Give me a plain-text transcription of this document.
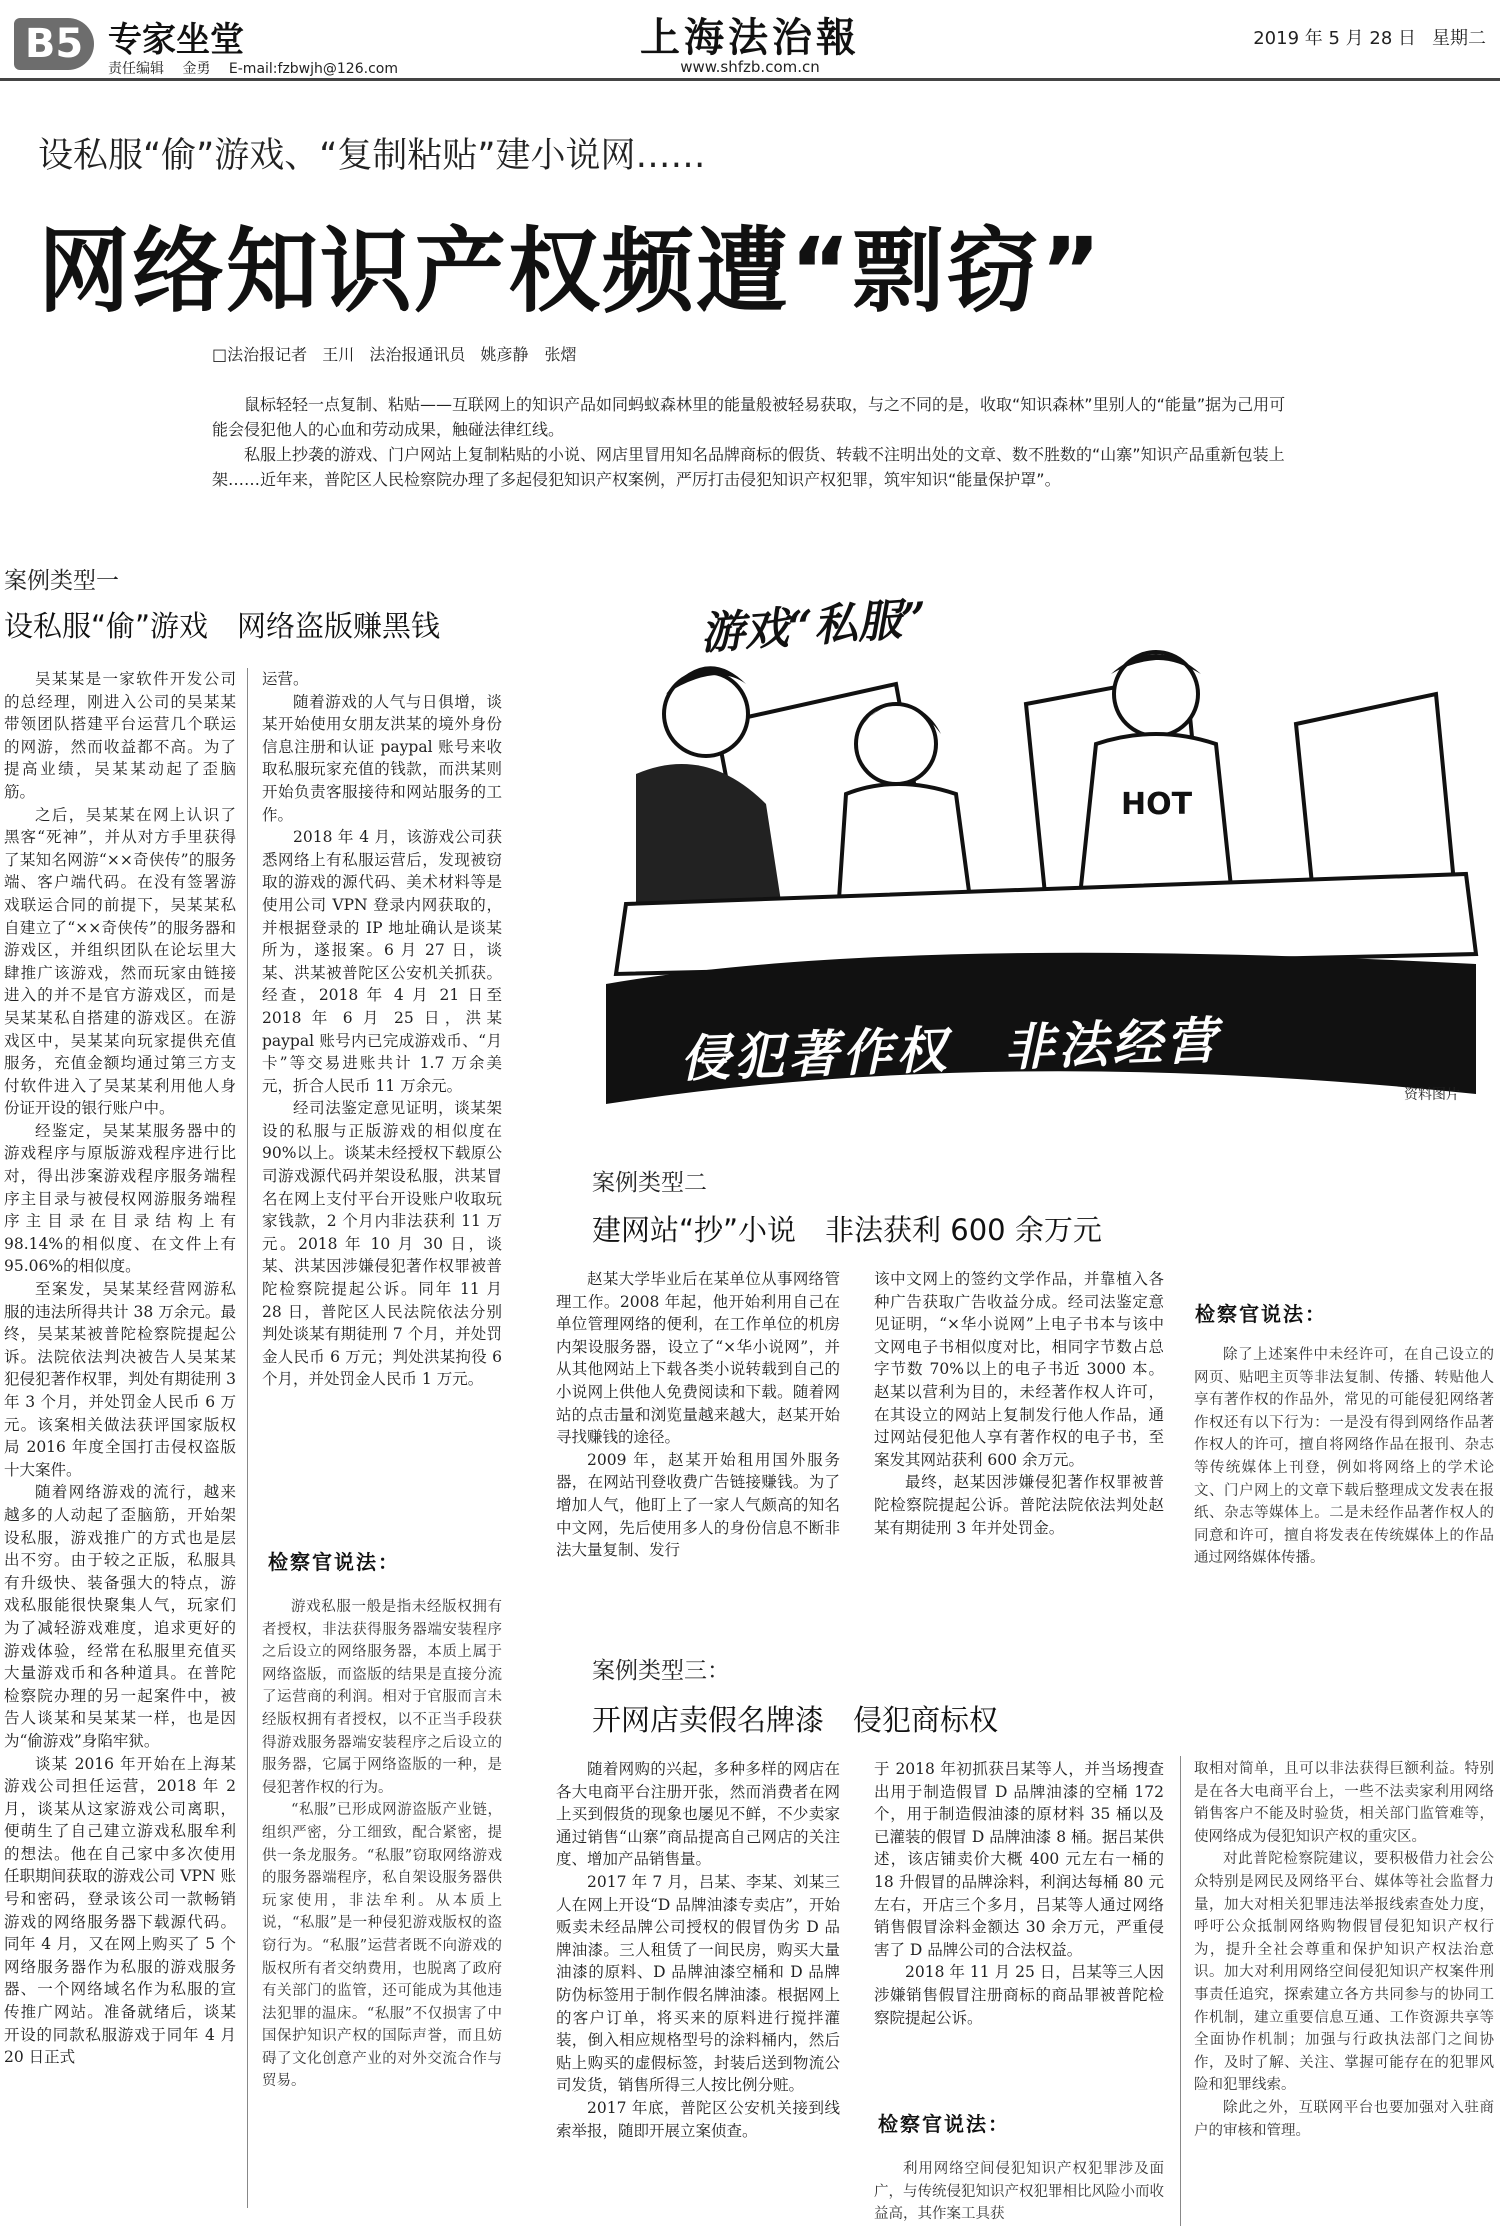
B5 专家坐堂
责任编辑 金勇 E-mail:fzbwjh@126.com
上海法治報
www.shfzb.com.cn
2019 年 5 月 28 日 星期二
设私服“偷”游戏、“复制粘贴”建小说网……
网络知识产权频遭“剽窃”
□法治报记者 王川 法治报通讯员 姚彦静　张熠

鼠标轻轻一点复制、粘贴——互联网上的知识产品如同蚂蚁森林里的能量般被轻易获取，与之不同的是，收取“知识森林”里别人的“能量”据为己用可能会侵犯他人的心血和劳动成果，触碰法律红线。

私服上抄袭的游戏、门户网站上复制粘贴的小说、网店里冒用知名品牌商标的假货、转载不注明出处的文章、数不胜数的“山寨”知识产品重新包装上架……近年来，普陀区人民检察院办理了多起侵犯知识产权案例，严厉打击侵犯知识产权犯罪，筑牢知识“能量保护罩”。

案例类型一
设私服“偷”游戏　网络盗版赚黑钱

吴某某是一家软件开发公司的总经理，刚进入公司的吴某某带领团队搭建平台运营几个联运的网游，然而收益都不高。为了提高业绩，吴某某动起了歪脑筋。

之后，吴某某在网上认识了黑客“死神”，并从对方手里获得了某知名网游“××奇侠传”的服务端、客户端代码。在没有签署游戏联运合同的前提下，吴某某私自建立了“××奇侠传”的服务器和游戏区，并组织团队在论坛里大肆推广该游戏，然而玩家由链接进入的并不是官方游戏区，而是吴某某私自搭建的游戏区。在游戏区中，吴某某向玩家提供充值服务，充值金额均通过第三方支付软件进入了吴某某利用他人身份证开设的银行账户中。

经鉴定，吴某某服务器中的游戏程序与原版游戏程序进行比对，得出涉案游戏程序服务端程序主目录与被侵权网游服务端程序主目录在目录结构上有 98.14%的相似度、在文件上有 95.06%的相似度。

至案发，吴某某经营网游私服的违法所得共计 38 万余元。最终，吴某某被普陀检察院提起公诉。法院依法判决被告人吴某某犯侵犯著作权罪，判处有期徒刑 3 年 3 个月，并处罚金人民币 6 万元。该案相关做法获评国家版权局 2016 年度全国打击侵权盗版十大案件。

随着网络游戏的流行，越来越多的人动起了歪脑筋，开始架设私服，游戏推广的方式也是层出不穷。由于较之正版，私服具有升级快、装备强大的特点，游戏私服能很快聚集人气，玩家们为了减轻游戏难度，追求更好的游戏体验，经常在私服里充值买大量游戏币和各种道具。在普陀检察院办理的另一起案件中，被告人谈某和吴某某一样，也是因为“偷游戏”身陷牢狱。

谈某 2016 年开始在上海某游戏公司担任运营，2018 年 2 月，谈某从这家游戏公司离职，便萌生了自己建立游戏私服牟利的想法。他在自己家中多次使用任职期间获取的游戏公司 VPN 账号和密码，登录该公司一款畅销游戏的网络服务器下载源代码。同年 4 月，又在网上购买了 5 个网络服务器作为私服的游戏服务器、一个网络域名作为私服的宣传推广网站。准备就绪后，谈某开设的同款私服游戏于同年 4 月 20 日正式

运营。

随着游戏的人气与日俱增，谈某开始使用女朋友洪某的境外身份信息注册和认证 paypal 账号来收取私服玩家充值的钱款，而洪某则开始负责客服接待和网站服务的工作。

2018 年 4 月，该游戏公司获悉网络上有私服运营后，发现被窃取的游戏的源代码、美术材料等是使用公司 VPN 登录内网获取的，并根据登录的 IP 地址确认是谈某所为，遂报案。6 月 27 日，谈某、洪某被普陀区公安机关抓获。经查，2018 年 4 月 21 日至 2018 年 6 月 25 日，洪某 paypal 账号内已完成游戏币、“月卡”等交易进账共计 1.7 万余美元，折合人民币 11 万余元。

经司法鉴定意见证明，谈某架设的私服与正版游戏的相似度在 90%以上。谈某未经授权下载原公司游戏源代码并架设私服，洪某冒名在网上支付平台开设账户收取玩家钱款，2 个月内非法获利 11 万元。2018 年 10 月 30 日，谈某、洪某因涉嫌侵犯著作权罪被普陀检察院提起公诉。同年 11 月 28 日，普陀区人民法院依法分别判处谈某有期徒刑 7 个月，并处罚金人民币 6 万元；判处洪某拘役 6 个月，并处罚金人民币 1 万元。

检察官说法：

游戏私服一般是指未经版权拥有者授权，非法获得服务器端安装程序之后设立的网络服务器，本质上属于网络盗版，而盗版的结果是直接分流了运营商的利润。相对于官服而言未经版权拥有者授权，以不正当手段获得游戏服务器端安装程序之后设立的服务器，它属于网络盗版的一种，是侵犯著作权的行为。

“私服”已形成网游盗版产业链，组织严密，分工细致，配合紧密，提供一条龙服务。“私服”窃取网络游戏的服务器端程序，私自架设服务器供玩家使用，非法牟利。从本质上说，“私服”是一种侵犯游戏版权的盗窃行为。“私服”运营者既不向游戏的版权所有者交纳费用，也脱离了政府有关部门的监管，还可能成为其他违法犯罪的温床。“私服”不仅损害了中国保护知识产权的国际声誉，而且妨碍了文化创意产业的对外交流合作与贸易。

HOT
游戏“私服”
侵犯著作权　非法经营
资料图片
案例类型二
建网站“抄”小说　非法获利 600 余万元

赵某大学毕业后在某单位从事网络管理工作。2008 年起，他开始利用自己在单位管理网络的便利，在工作单位的机房内架设服务器，设立了“×华小说网”，并从其他网站上下载各类小说转载到自己的小说网上供他人免费阅读和下载。随着网站的点击量和浏览量越来越大，赵某开始寻找赚钱的途径。

2009 年，赵某开始租用国外服务器，在网站刊登收费广告链接赚钱。为了增加人气，他盯上了一家人气颇高的知名中文网，先后使用多人的身份信息不断非法大量复制、发行

该中文网上的签约文学作品，并靠植入各种广告获取广告收益分成。经司法鉴定意见证明，“×华小说网”上电子书本与该中文网电子书相似度对比，相同字节数占总字节数 70%以上的电子书近 3000 本。赵某以营利为目的，未经著作权人许可，在其设立的网站上复制发行他人作品，通过网站侵犯他人享有著作权的电子书，至案发其网站获利 600 余万元。

最终，赵某因涉嫌侵犯著作权罪被普陀检察院提起公诉。普陀法院依法判处赵某有期徒刑 3 年并处罚金。

检察官说法：

除了上述案件中未经许可，在自己设立的网页、贴吧主页等非法复制、传播、转贴他人享有著作权的作品外，常见的可能侵犯网络著作权还有以下行为：一是没有得到网络作品著作权人的许可，擅自将网络作品在报刊、杂志等传统媒体上刊登，例如将网络上的学术论文、门户网上的文章下载后整理成文发表在报纸、杂志等媒体上。二是未经作品著作权人的同意和许可，擅自将发表在传统媒体上的作品通过网络媒体传播。

案例类型三：
开网店卖假名牌漆　侵犯商标权

随着网购的兴起，多种多样的网店在各大电商平台注册开张，然而消费者在网上买到假货的现象也屡见不鲜，不少卖家通过销售“山寨”商品提高自己网店的关注度、增加产品销售量。

2017 年 7 月，吕某、李某、刘某三人在网上开设“D 品牌油漆专卖店”，开始贩卖未经品牌公司授权的假冒伪劣 D 品牌油漆。三人租赁了一间民房，购买大量油漆的原料、D 品牌油漆空桶和 D 品牌防伪标签用于制作假名牌油漆。根据网上的客户订单，将买来的原料进行搅拌灌装，倒入相应规格型号的涂料桶内，然后贴上购买的虚假标签，封装后送到物流公司发货，销售所得三人按比例分赃。

2017 年底，普陀区公安机关接到线索举报，随即开展立案侦查。

于 2018 年初抓获吕某等人，并当场搜查出用于制造假冒 D 品牌油漆的空桶 172 个，用于制造假油漆的原材料 35 桶以及已灌装的假冒 D 品牌油漆 8 桶。据吕某供述，该店铺卖价大概 400 元左右一桶的 18 升假冒的品牌涂料，利润达每桶 80 元左右，开店三个多月，吕某等人通过网络销售假冒涂料金额达 30 余万元，严重侵害了 D 品牌公司的合法权益。

2018 年 11 月 25 日，吕某等三人因涉嫌销售假冒注册商标的商品罪被普陀检察院提起公诉。

检察官说法：

利用网络空间侵犯知识产权犯罪涉及面广，与传统侵犯知识产权犯罪相比风险小而收益高，其作案工具获

取相对简单，且可以非法获得巨额利益。特别是在各大电商平台上，一些不法卖家利用网络销售客户不能及时验货，相关部门监管难等，使网络成为侵犯知识产权的重灾区。

对此普陀检察院建议，要积极借力社会公众特别是网民及网络平台、媒体等社会监督力量，加大对相关犯罪违法举报线索查处力度，呼吁公众抵制网络购物假冒侵犯知识产权行为，提升全社会尊重和保护知识产权法治意识。加大对利用网络空间侵犯知识产权案件刑事责任追究，探索建立各方共同参与的协同工作机制，建立重要信息互通、工作资源共享等全面协作机制；加强与行政执法部门之间协作，及时了解、关注、掌握可能存在的犯罪风险和犯罪线索。

除此之外，互联网平台也要加强对入驻商户的审核和管理。
